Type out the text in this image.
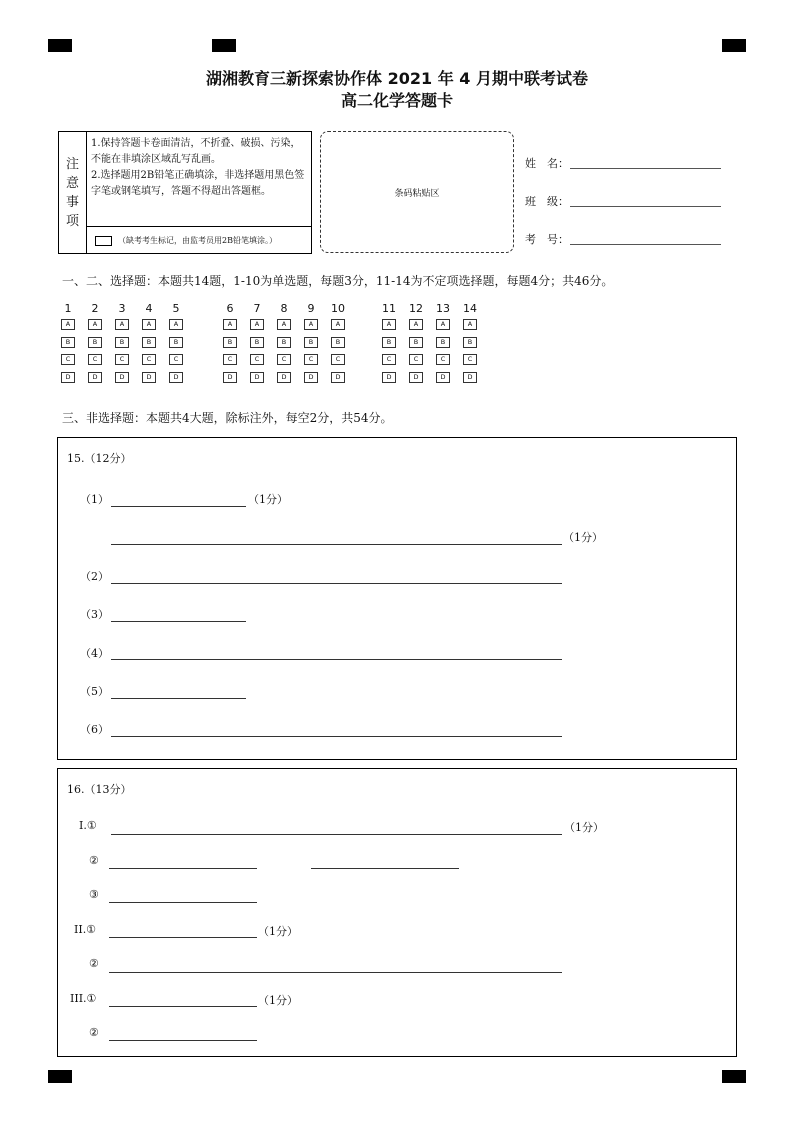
湖湘教育三新探索协作体 2021 年 4 月期中联考试卷
高二化学答题卡
注
意
事
项
1.保持答题卡卷面清洁，不折叠、破损、污染，不能在非填涂区域乱写乱画。
2.选择题用2B铅笔正确填涂，非选择题用黑色签字笔或钢笔填写，答题不得超出答题框。
（缺考考生标记，由监考员用2B铅笔填涂。）
条码粘贴区
姓　名：
班　级：
考　号：
一、二、选择题：本题共14题，1-10为单选题，每题3分，11-14为不定项选择题，每题4分；共46分。
1
A
B
C
D
2
A
B
C
D
3
A
B
C
D
4
A
B
C
D
5
A
B
C
D
6
A
B
C
D
7
A
B
C
D
8
A
B
C
D
9
A
B
C
D
10
A
B
C
D
11
A
B
C
D
12
A
B
C
D
13
A
B
C
D
14
A
B
C
D
三、非选择题：本题共4大题，除标注外，每空2分，共54分。
15.（12分）
（1）	（1分）
（1分）
（2）
（3）
（4）
（5）
（6）
16.（13分）
I.①	（1分）
②
③
II.①	（1分）
②
III.①	（1分）
②
